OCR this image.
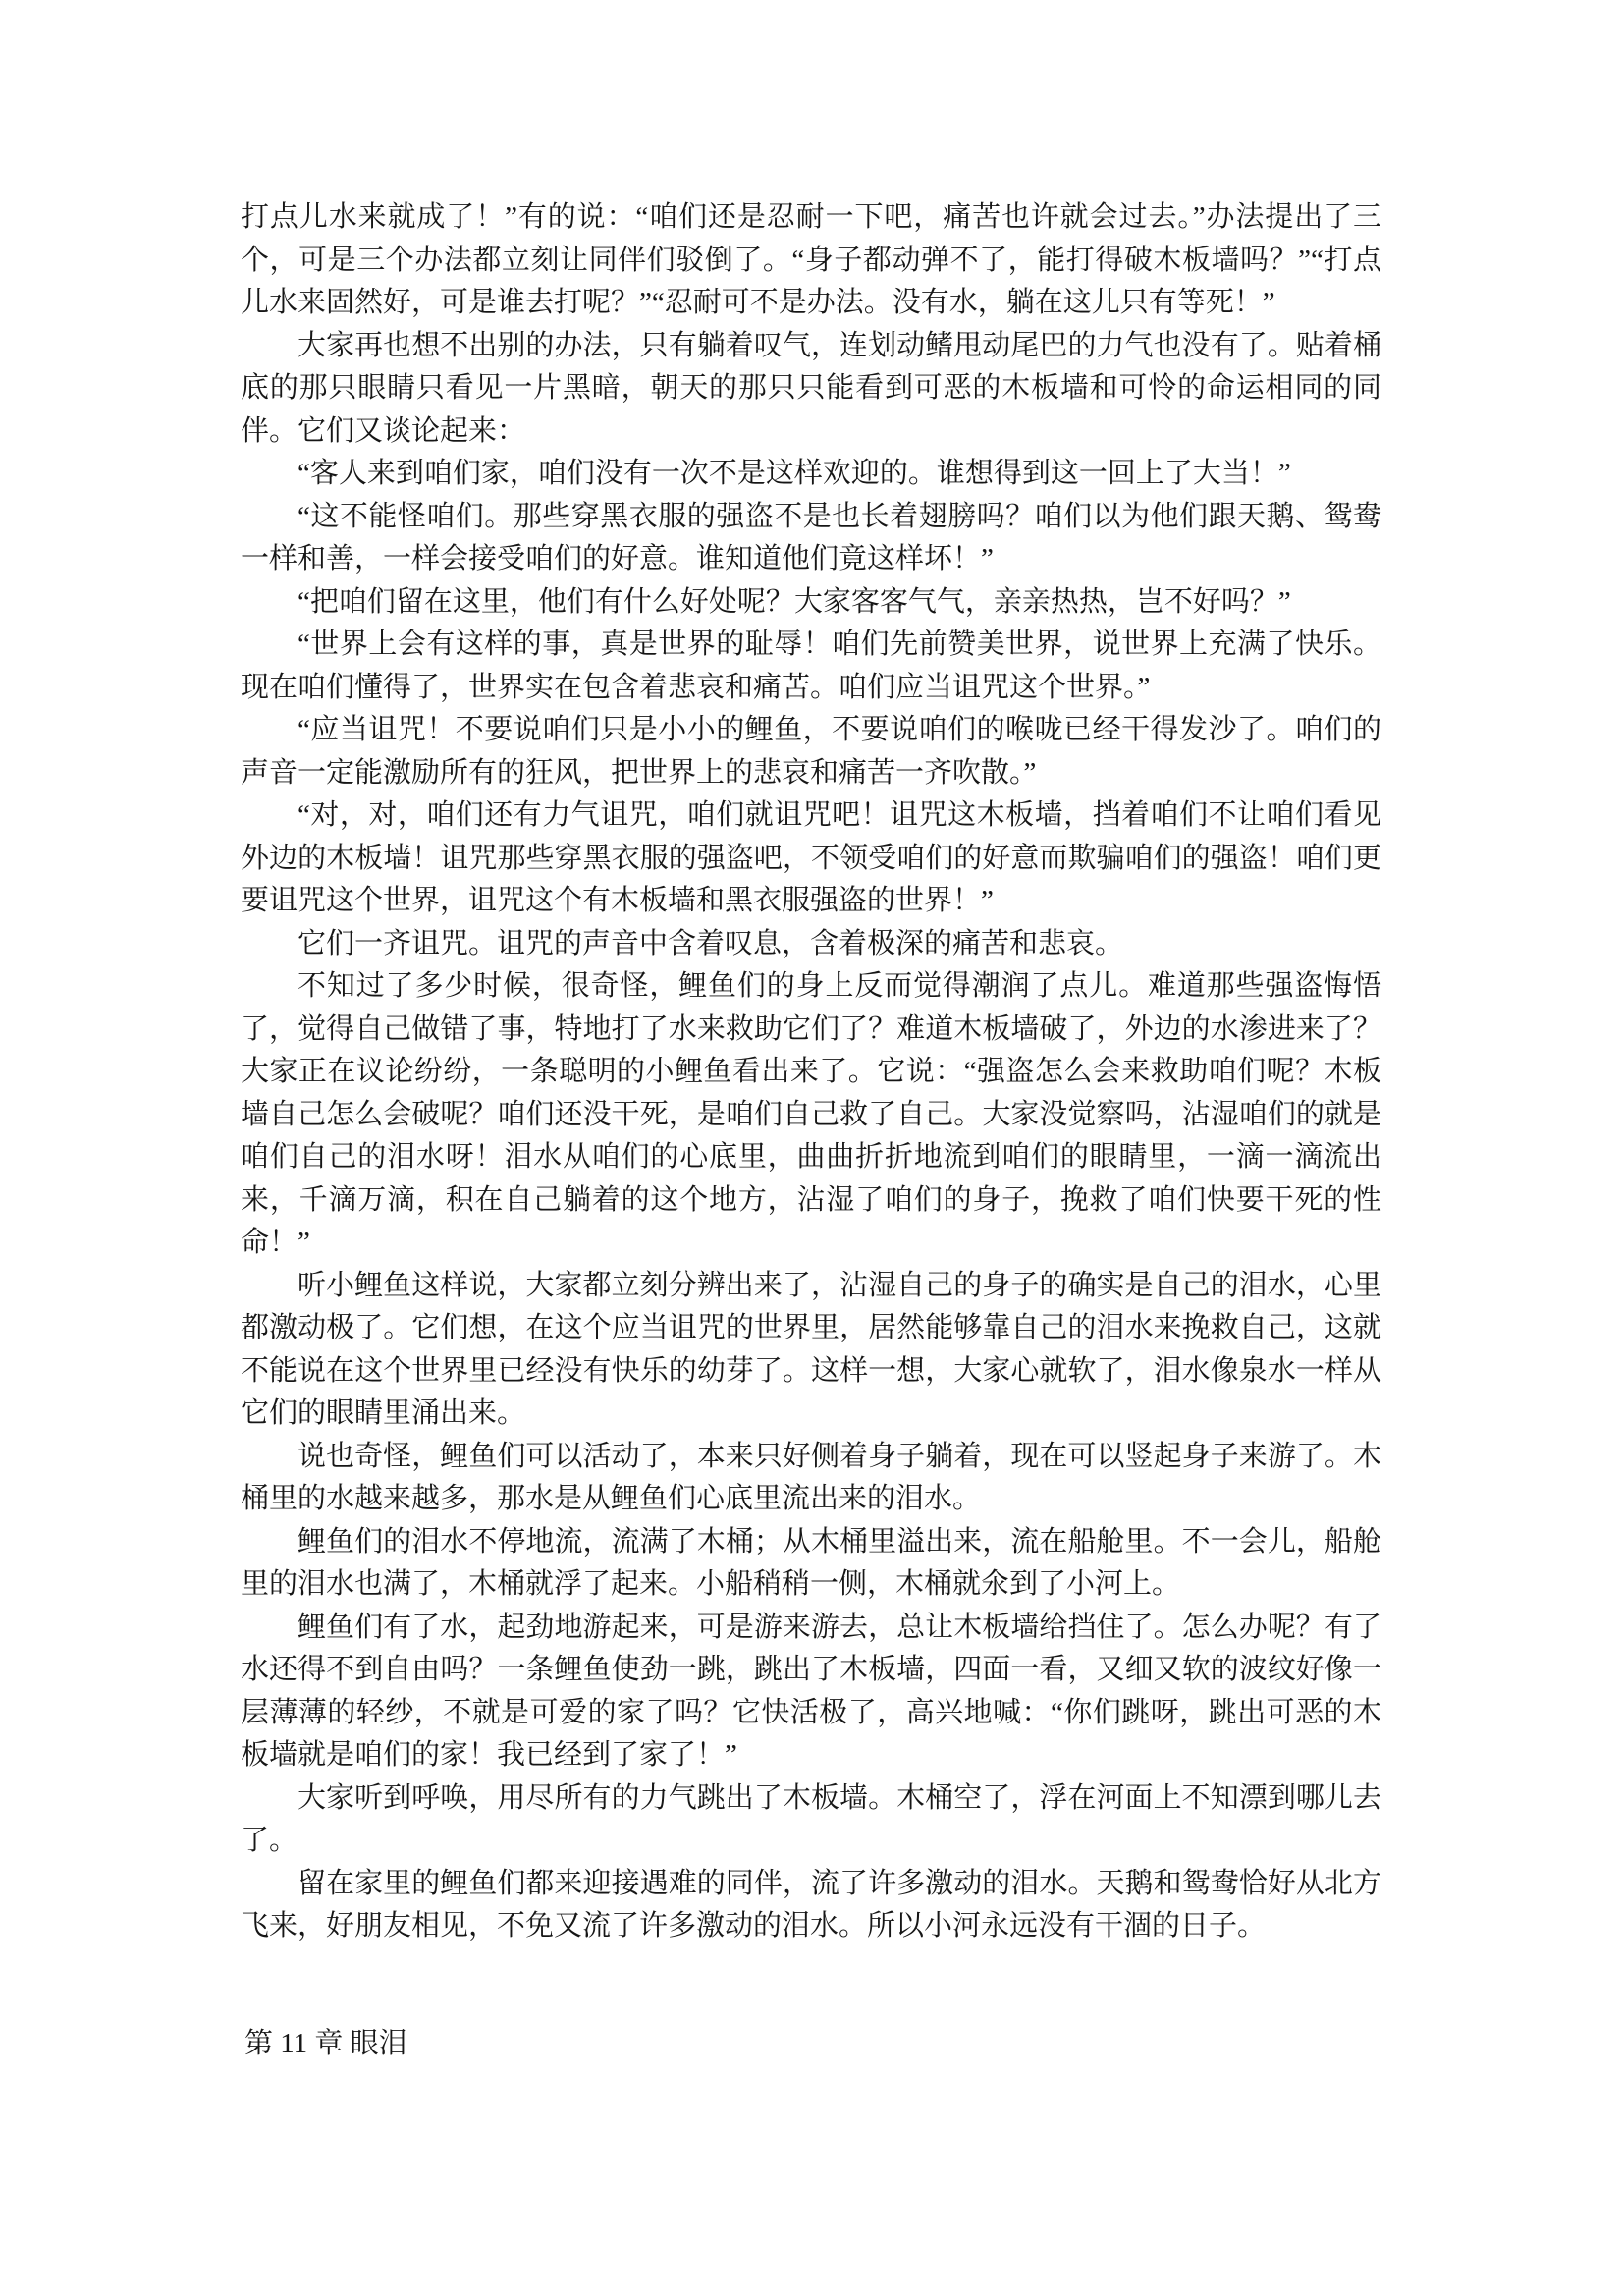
打点儿水来就成了！”有的说：“咱们还是忍耐一下吧，痛苦也许就会过去。”办法提出了三个，可是三个办法都立刻让同伴们驳倒了。“身子都动弹不了，能打得破木板墙吗？”“打点儿水来固然好，可是谁去打呢？”“忍耐可不是办法。没有水，躺在这儿只有等死！”

大家再也想不出别的办法，只有躺着叹气，连划动鳍甩动尾巴的力气也没有了。贴着桶底的那只眼睛只看见一片黑暗，朝天的那只只能看到可恶的木板墙和可怜的命运相同的同伴。它们又谈论起来：

“客人来到咱们家，咱们没有一次不是这样欢迎的。谁想得到这一回上了大当！”

“这不能怪咱们。那些穿黑衣服的强盗不是也长着翅膀吗？咱们以为他们跟天鹅、鸳鸯一样和善，一样会接受咱们的好意。谁知道他们竟这样坏！”

“把咱们留在这里，他们有什么好处呢？大家客客气气，亲亲热热，岂不好吗？”

“世界上会有这样的事，真是世界的耻辱！咱们先前赞美世界，说世界上充满了快乐。现在咱们懂得了，世界实在包含着悲哀和痛苦。咱们应当诅咒这个世界。”

“应当诅咒！不要说咱们只是小小的鲤鱼，不要说咱们的喉咙已经干得发沙了。咱们的声音一定能激励所有的狂风，把世界上的悲哀和痛苦一齐吹散。”

“对，对，咱们还有力气诅咒，咱们就诅咒吧！诅咒这木板墙，挡着咱们不让咱们看见外边的木板墙！诅咒那些穿黑衣服的强盗吧，不领受咱们的好意而欺骗咱们的强盗！咱们更要诅咒这个世界，诅咒这个有木板墙和黑衣服强盗的世界！”

它们一齐诅咒。诅咒的声音中含着叹息，含着极深的痛苦和悲哀。

不知过了多少时候，很奇怪，鲤鱼们的身上反而觉得潮润了点儿。难道那些强盗悔悟了，觉得自己做错了事，特地打了水来救助它们了？难道木板墙破了，外边的水渗进来了？大家正在议论纷纷，一条聪明的小鲤鱼看出来了。它说：“强盗怎么会来救助咱们呢？木板墙自己怎么会破呢？咱们还没干死，是咱们自己救了自己。大家没觉察吗，沾湿咱们的就是咱们自己的泪水呀！泪水从咱们的心底里，曲曲折折地流到咱们的眼睛里，一滴一滴流出来，千滴万滴，积在自己躺着的这个地方，沾湿了咱们的身子，挽救了咱们快要干死的性命！”

听小鲤鱼这样说，大家都立刻分辨出来了，沾湿自己的身子的确实是自己的泪水，心里都激动极了。它们想，在这个应当诅咒的世界里，居然能够靠自己的泪水来挽救自己，这就不能说在这个世界里已经没有快乐的幼芽了。这样一想，大家心就软了，泪水像泉水一样从它们的眼睛里涌出来。

说也奇怪，鲤鱼们可以活动了，本来只好侧着身子躺着，现在可以竖起身子来游了。木桶里的水越来越多，那水是从鲤鱼们心底里流出来的泪水。

鲤鱼们的泪水不停地流，流满了木桶；从木桶里溢出来，流在船舱里。不一会儿，船舱里的泪水也满了，木桶就浮了起来。小船稍稍一侧，木桶就氽到了小河上。

鲤鱼们有了水，起劲地游起来，可是游来游去，总让木板墙给挡住了。怎么办呢？有了水还得不到自由吗？一条鲤鱼使劲一跳，跳出了木板墙，四面一看，又细又软的波纹好像一层薄薄的轻纱，不就是可爱的家了吗？它快活极了，高兴地喊：“你们跳呀，跳出可恶的木板墙就是咱们的家！我已经到了家了！”

大家听到呼唤，用尽所有的力气跳出了木板墙。木桶空了，浮在河面上不知漂到哪儿去了。

留在家里的鲤鱼们都来迎接遇难的同伴，流了许多激动的泪水。天鹅和鸳鸯恰好从北方飞来，好朋友相见，不免又流了许多激动的泪水。所以小河永远没有干涸的日子。

第 11 章 眼泪
